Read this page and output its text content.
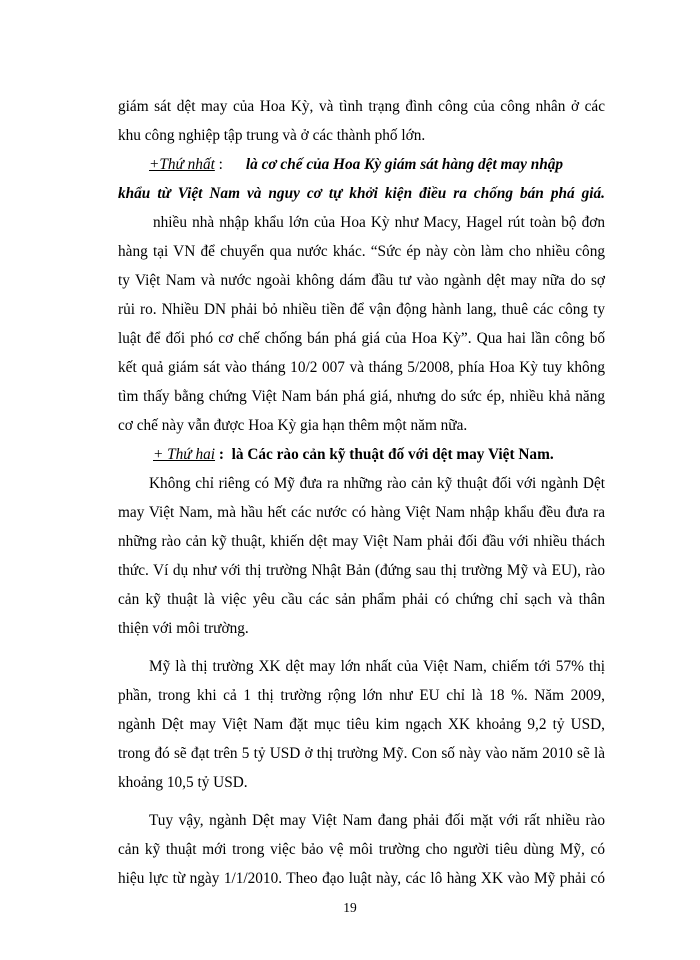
giám sát dệt may của Hoa Kỳ, và tình trạng đình công của công nhân ở các
khu công nghiệp tập trung và ở các thành phố lớn.
+Thứ nhất : là cơ chế của Hoa Kỳ giám sát hàng dệt may nhập
khẩu từ Việt Nam và nguy cơ tự khởi kiện điều ra chống bán phá giá.
nhiều nhà nhập khẩu lớn của Hoa Kỳ như Macy, Hagel rút toàn bộ đơn
hàng tại VN để chuyển qua nước khác. “Sức ép này còn làm cho nhiều công
ty Việt Nam và nước ngoài không dám đầu tư vào ngành dệt may nữa do sợ
rủi ro. Nhiều DN phải bỏ nhiều tiền để vận động hành lang, thuê các công ty
luật để đối phó cơ chế chống bán phá giá của Hoa Kỳ”. Qua hai lần công bố
kết quả giám sát vào tháng 10/2 007 và tháng 5/2008, phía Hoa Kỳ tuy không
tìm thấy bằng chứng Việt Nam bán phá giá, nhưng do sức ép, nhiều khả năng
cơ chế này vẫn được Hoa Kỳ gia hạn thêm một năm nữa.
+ Thứ hai : là Các rào cản kỹ thuật đố với dệt may Việt Nam.
Không chỉ riêng có Mỹ đưa ra những rào cản kỹ thuật đối với ngành Dệt
may Việt Nam, mà hầu hết các nước có hàng Việt Nam nhập khẩu đều đưa ra
những rào cản kỹ thuật, khiến dệt may Việt Nam phải đối đầu với nhiều thách
thức. Ví dụ như với thị trường Nhật Bản (đứng sau thị trường Mỹ và EU), rào
cản kỹ thuật là việc yêu cầu các sản phẩm phải có chứng chỉ sạch và thân
thiện với môi trường.
Mỹ là thị trường XK dệt may lớn nhất của Việt Nam, chiếm tới 57% thị
phần, trong khi cả 1 thị trường rộng lớn như EU chỉ là 18 %. Năm 2009,
ngành Dệt may Việt Nam đặt mục tiêu kim ngạch XK khoảng 9,2 tỷ USD,
trong đó sẽ đạt trên 5 tỷ USD ở thị trường Mỹ. Con số này vào năm 2010 sẽ là
khoảng 10,5 tỷ USD.
Tuy vậy, ngành Dệt may Việt Nam đang phải đối mặt với rất nhiều rào
cản kỹ thuật mới trong việc bảo vệ môi trường cho người tiêu dùng Mỹ, có
hiệu lực từ ngày 1/1/2010. Theo đạo luật này, các lô hàng XK vào Mỹ phải có
19
